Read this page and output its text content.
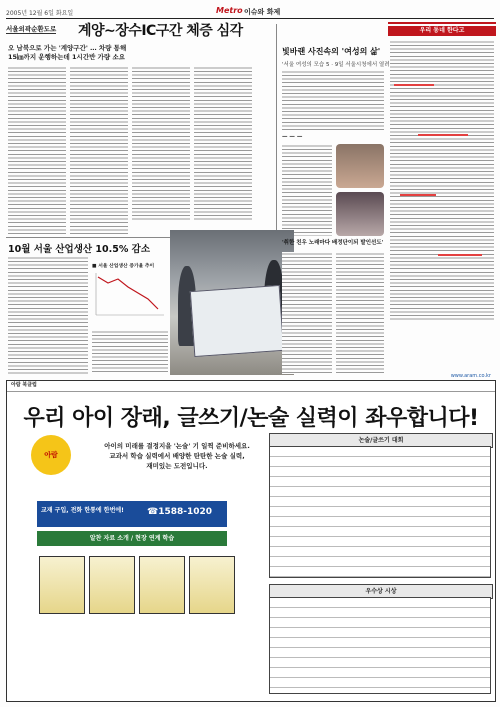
2005년 12월 6일 화요일	Metro 이슈와 화제
서울외곽순환도로 계양∼장수IC구간 체증 심각
오 남북으로 가는 '계양구간' … 차량 통해
15㎞까지 운행하는데 1시간반 가량 소요
빛바랜 사진속의 '여성의 삶'
'서울 여성의 모습 5 · 9일 서울시청에서 열려
— — —
10월 서울 산업생산 10.5% 감소
■ 서울 산업생산 증가율 추이
'취한 친우 노래마다 배정단이되 발인선도'
우리 동네 한다고
www.aram.co.kr
아람 북클럽
우리 아이 장래, 글쓰기/논술 실력이 좌우합니다!
아람
아이의 미래를 결정지을 '논술' 기 일찍 준비하세요.
교과서 학습 실력에서 배양한 탄탄한 논술 실력,
재미있는 도전입니다.
교재 구입, 전화 한통에 한번에!	☎1588-1020
알찬 자료 소개 / 현장 연계 학습
논술/글쓰기 대회
우수상 시상
